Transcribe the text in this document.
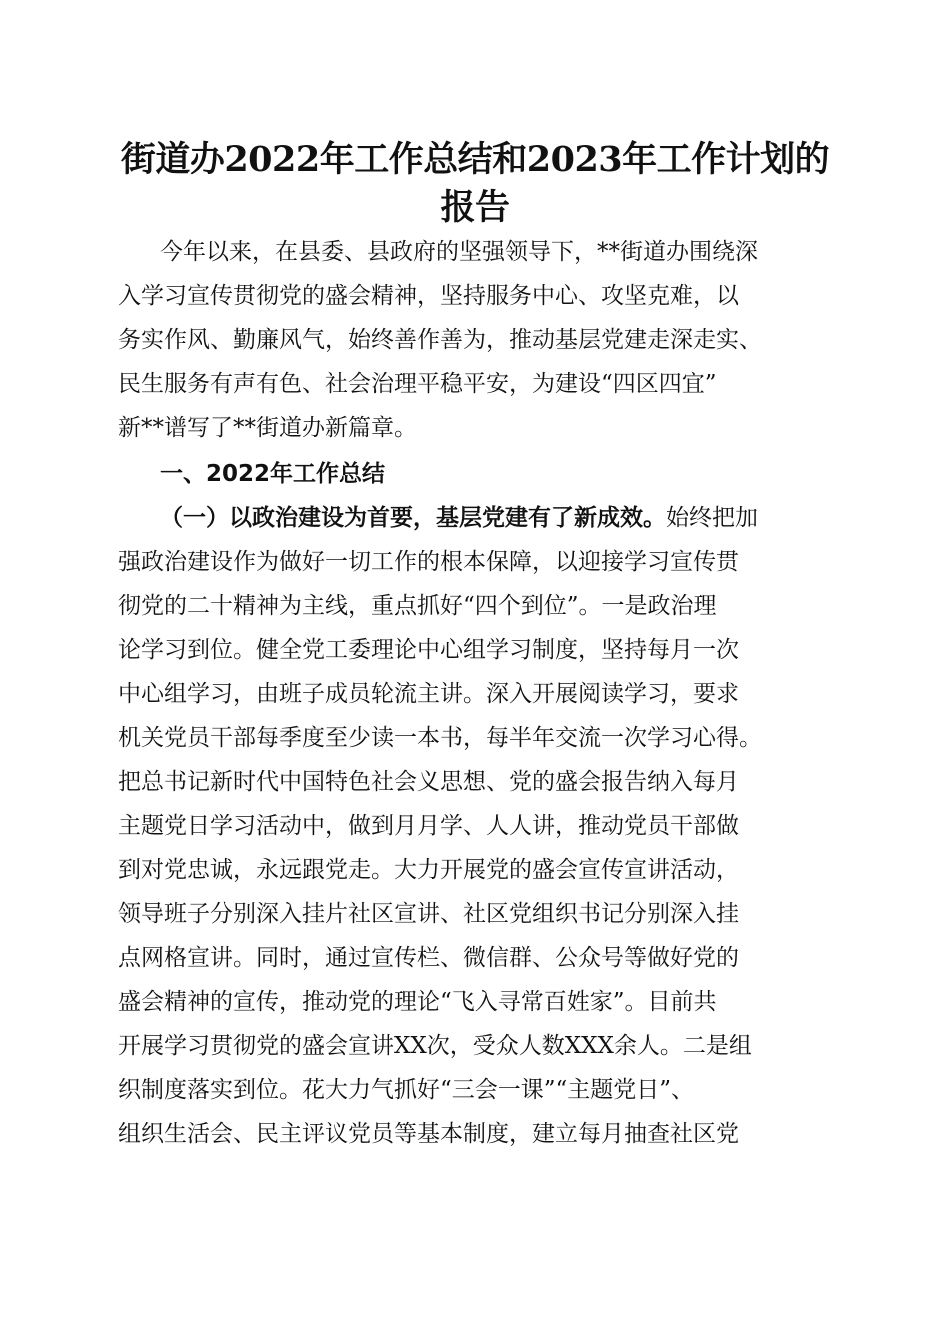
街道办2022年工作总结和2023年工作计划的
报告

今年以来，在县委、县政府的坚强领导下，**街道办围绕深

入学习宣传贯彻党的盛会精神，坚持服务中心、攻坚克难，以

务实作风、勤廉风气，始终善作善为，推动基层党建走深走实、

民生服务有声有色、社会治理平稳平安，为建设“四区四宜”

新**谱写了**街道办新篇章。

一、2022年工作总结

（一）以政治建设为首要，基层党建有了新成效。始终把加

强政治建设作为做好一切工作的根本保障，以迎接学习宣传贯

彻党的二十精神为主线，重点抓好“四个到位”。一是政治理

论学习到位。健全党工委理论中心组学习制度，坚持每月一次

中心组学习，由班子成员轮流主讲。深入开展阅读学习，要求

机关党员干部每季度至少读一本书，每半年交流一次学习心得。

把总书记新时代中国特色社会义思想、党的盛会报告纳入每月

主题党日学习活动中，做到月月学、人人讲，推动党员干部做

到对党忠诚，永远跟党走。大力开展党的盛会宣传宣讲活动，

领导班子分别深入挂片社区宣讲、社区党组织书记分别深入挂

点网格宣讲。同时，通过宣传栏、微信群、公众号等做好党的

盛会精神的宣传，推动党的理论“飞入寻常百姓家”。目前共

开展学习贯彻党的盛会宣讲XX次，受众人数XXX余人。二是组

织制度落实到位。花大力气抓好“三会一课”“主题党日”、

组织生活会、民主评议党员等基本制度，建立每月抽查社区党
